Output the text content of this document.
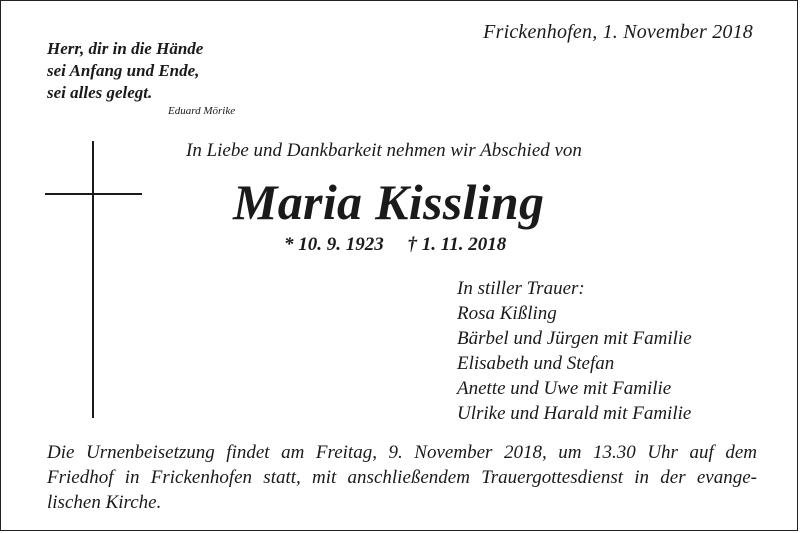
Frickenhofen, 1. November 2018
Herr, dir in die Hände
sei Anfang und Ende,
sei alles gelegt.
Eduard Mörike
In Liebe und Dankbarkeit nehmen wir Abschied von
Maria Kissling
* 10. 9. 1923 † 1. 11. 2018
In stiller Trauer:
Rosa Kißling
Bärbel und Jürgen mit Familie
Elisabeth und Stefan
Anette und Uwe mit Familie
Ulrike und Harald mit Familie
Die Urnenbeisetzung findet am Freitag, 9. November 2018, um 13.30 Uhr auf dem
Friedhof in Frickenhofen statt, mit anschließendem Trauergottesdienst in der evange-
lischen Kirche.
